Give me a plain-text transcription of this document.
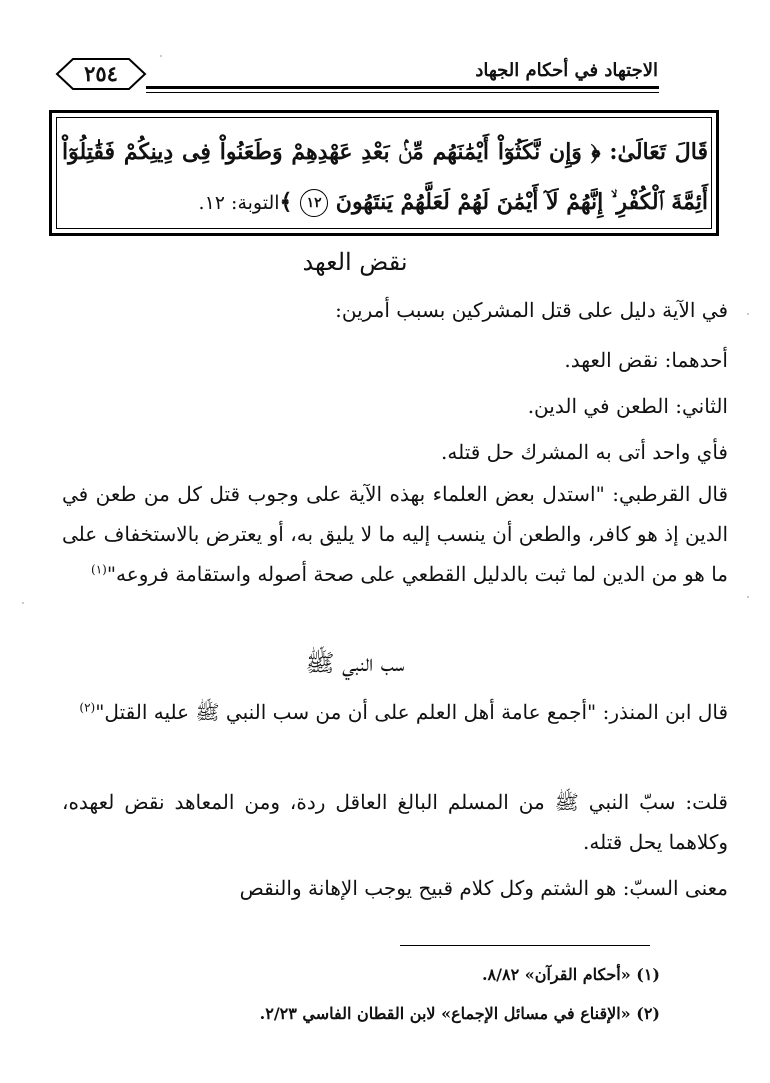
الاجتهاد في أحكام الجهاد
٢٥٤
قَالَ تَعَالَىٰ: ﴿ وَإِن نَّكَثُوٓاْ أَيْمَٰنَهُم مِّنۢ بَعْدِ عَهْدِهِمْ وَطَعَنُواْ فِى دِينِكُمْ فَقَٰتِلُوٓاْ أَئِمَّةَ ٱلْكُفْرِ ۙ إِنَّهُمْ لَآ أَيْمَٰنَ لَهُمْ لَعَلَّهُمْ يَنتَهُونَ ١٢ ﴾التوبة: ١٢.
نقض العهد
في الآية دليل على قتل المشركين بسبب أمرين:
أحدهما: نقض العهد.
الثاني: الطعن في الدين.
فأي واحد أتى به المشرك حل قتله.
قال القرطبي: "استدل بعض العلماء بهذه الآية على وجوب قتل كل من طعن في الدين إذ هو كافر، والطعن أن ينسب إليه ما لا يليق به، أو يعترض بالاستخفاف على ما هو من الدين لما ثبت بالدليل القطعي على صحة أصوله واستقامة فروعه"$^{(١)}$
سب النبي ﷺ
قال ابن المنذر: "أجمع عامة أهل العلم على أن من سب النبي ﷺ عليه القتل"$^{(٢)}$
قلت: سبّ النبي ﷺ من المسلم البالغ العاقل ردة، ومن المعاهد نقض لعهده، وكلاهما يحل قتله.
معنى السبّ: هو الشتم وكل كلام قبيح يوجب الإهانة والنقص
(١) «أحكام القرآن» ٨/٨٢.
(٢) «الإقناع في مسائل الإجماع» لابن القطان الفاسي ٢/٢٣.
